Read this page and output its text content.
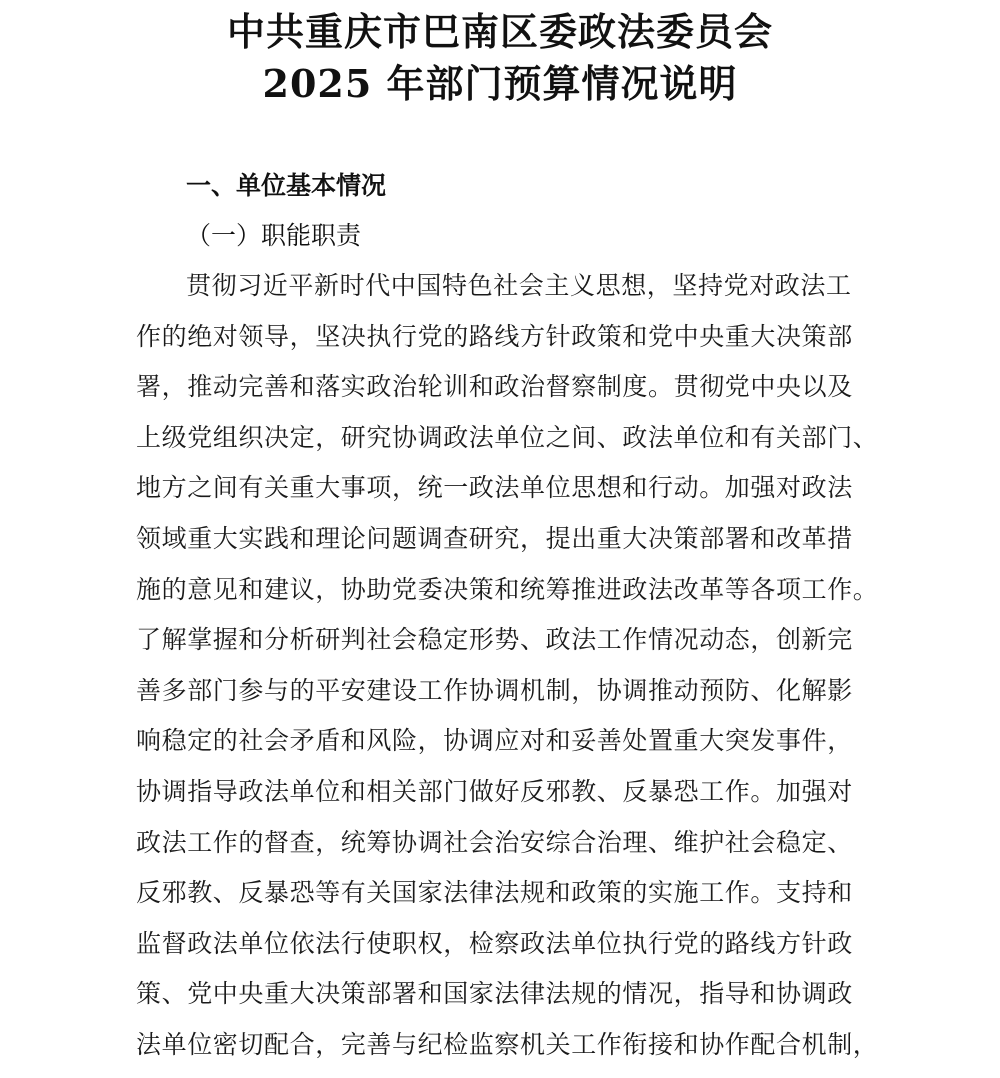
中共重庆市巴南区委政法委员会
2025 年部门预算情况说明
一、单位基本情况
（一）职能职责
贯彻习近平新时代中国特色社会主义思想，坚持党对政法工
作的绝对领导，坚决执行党的路线方针政策和党中央重大决策部
署，推动完善和落实政治轮训和政治督察制度。贯彻党中央以及
上级党组织决定，研究协调政法单位之间、政法单位和有关部门、
地方之间有关重大事项，统一政法单位思想和行动。加强对政法
领域重大实践和理论问题调查研究，提出重大决策部署和改革措
施的意见和建议，协助党委决策和统筹推进政法改革等各项工作。
了解掌握和分析研判社会稳定形势、政法工作情况动态，创新完
善多部门参与的平安建设工作协调机制，协调推动预防、化解影
响稳定的社会矛盾和风险，协调应对和妥善处置重大突发事件，
协调指导政法单位和相关部门做好反邪教、反暴恐工作。加强对
政法工作的督查，统筹协调社会治安综合治理、维护社会稳定、
反邪教、反暴恐等有关国家法律法规和政策的实施工作。支持和
监督政法单位依法行使职权，检察政法单位执行党的路线方针政
策、党中央重大决策部署和国家法律法规的情况，指导和协调政
法单位密切配合，完善与纪检监察机关工作衔接和协作配合机制，
